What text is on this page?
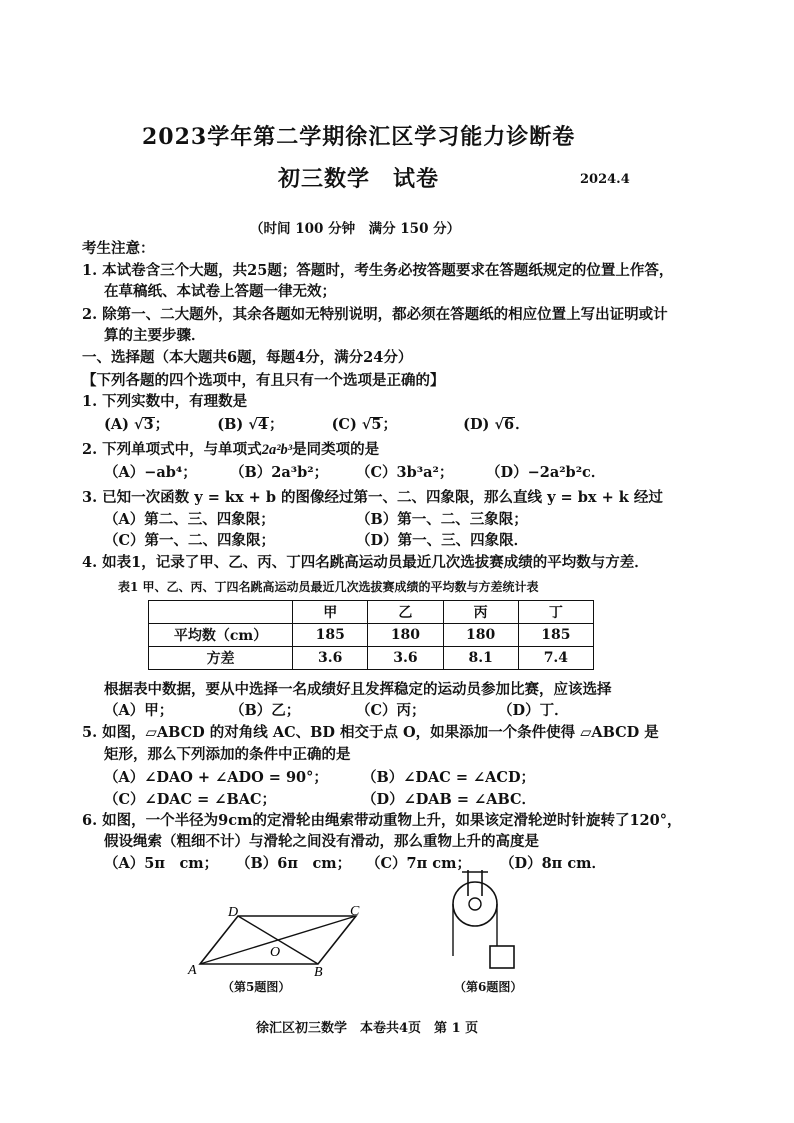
2023学年第二学期徐汇区学习能力诊断卷
初三数学　试卷	2024.4
（时间 100 分钟　满分 150 分）
考生注意：
1. 本试卷含三个大题，共25题；答题时，考生务必按答题要求在答题纸规定的位置上作答，
在草稿纸、本试卷上答题一律无效；
2. 除第一、二大题外，其余各题如无特别说明，都必须在答题纸的相应位置上写出证明或计
算的主要步骤．
一、选择题（本大题共6题，每题4分，满分24分）
【下列各题的四个选项中，有且只有一个选项是正确的】
1. 下列实数中，有理数是
(A) √3；	(B) √4；	(C) √5；	(D) √6．
2. 下列单项式中，与单项式2a²b³是同类项的是
（A）−ab⁴； （B）2a³b²； （C）3b³a²； （D）−2a²b²c．
3. 已知一次函数 y = kx + b 的图像经过第一、二、四象限，那么直线 y = bx + k 经过
（A）第二、三、四象限；	（B）第一、二、三象限；
（C）第一、二、四象限；	（D）第一、三、四象限．
4. 如表1，记录了甲、乙、丙、丁四名跳高运动员最近几次选拔赛成绩的平均数与方差．
表1 甲、乙、丙、丁四名跳高运动员最近几次选拔赛成绩的平均数与方差统计表
	甲	乙	丙	丁
平均数（cm）	185	180	180	185
方差	3.6	3.6	8.1	7.4
根据表中数据，要从中选择一名成绩好且发挥稳定的运动员参加比赛，应该选择
（A）甲；	（B）乙；	（C）丙；	（D）丁．
5. 如图，▱ABCD 的对角线 AC、BD 相交于点 O，如果添加一个条件使得 ▱ABCD 是
矩形，那么下列添加的条件中正确的是
（A）∠DAO + ∠ADO = 90°； （B）∠DAC = ∠ACD；
（C）∠DAC = ∠BAC；	（D）∠DAB = ∠ABC．
6. 如图，一个半径为9cm的定滑轮由绳索带动重物上升，如果该定滑轮逆时针旋转了120°，
假设绳索（粗细不计）与滑轮之间没有滑动，那么重物上升的高度是
（A）5π　cm； （B）6π　cm； （C）7π cm； （D）8π cm．
A	B
C
D
O
（第5题图）	（第6题图）
徐汇区初三数学　本卷共4页　第 1 页
